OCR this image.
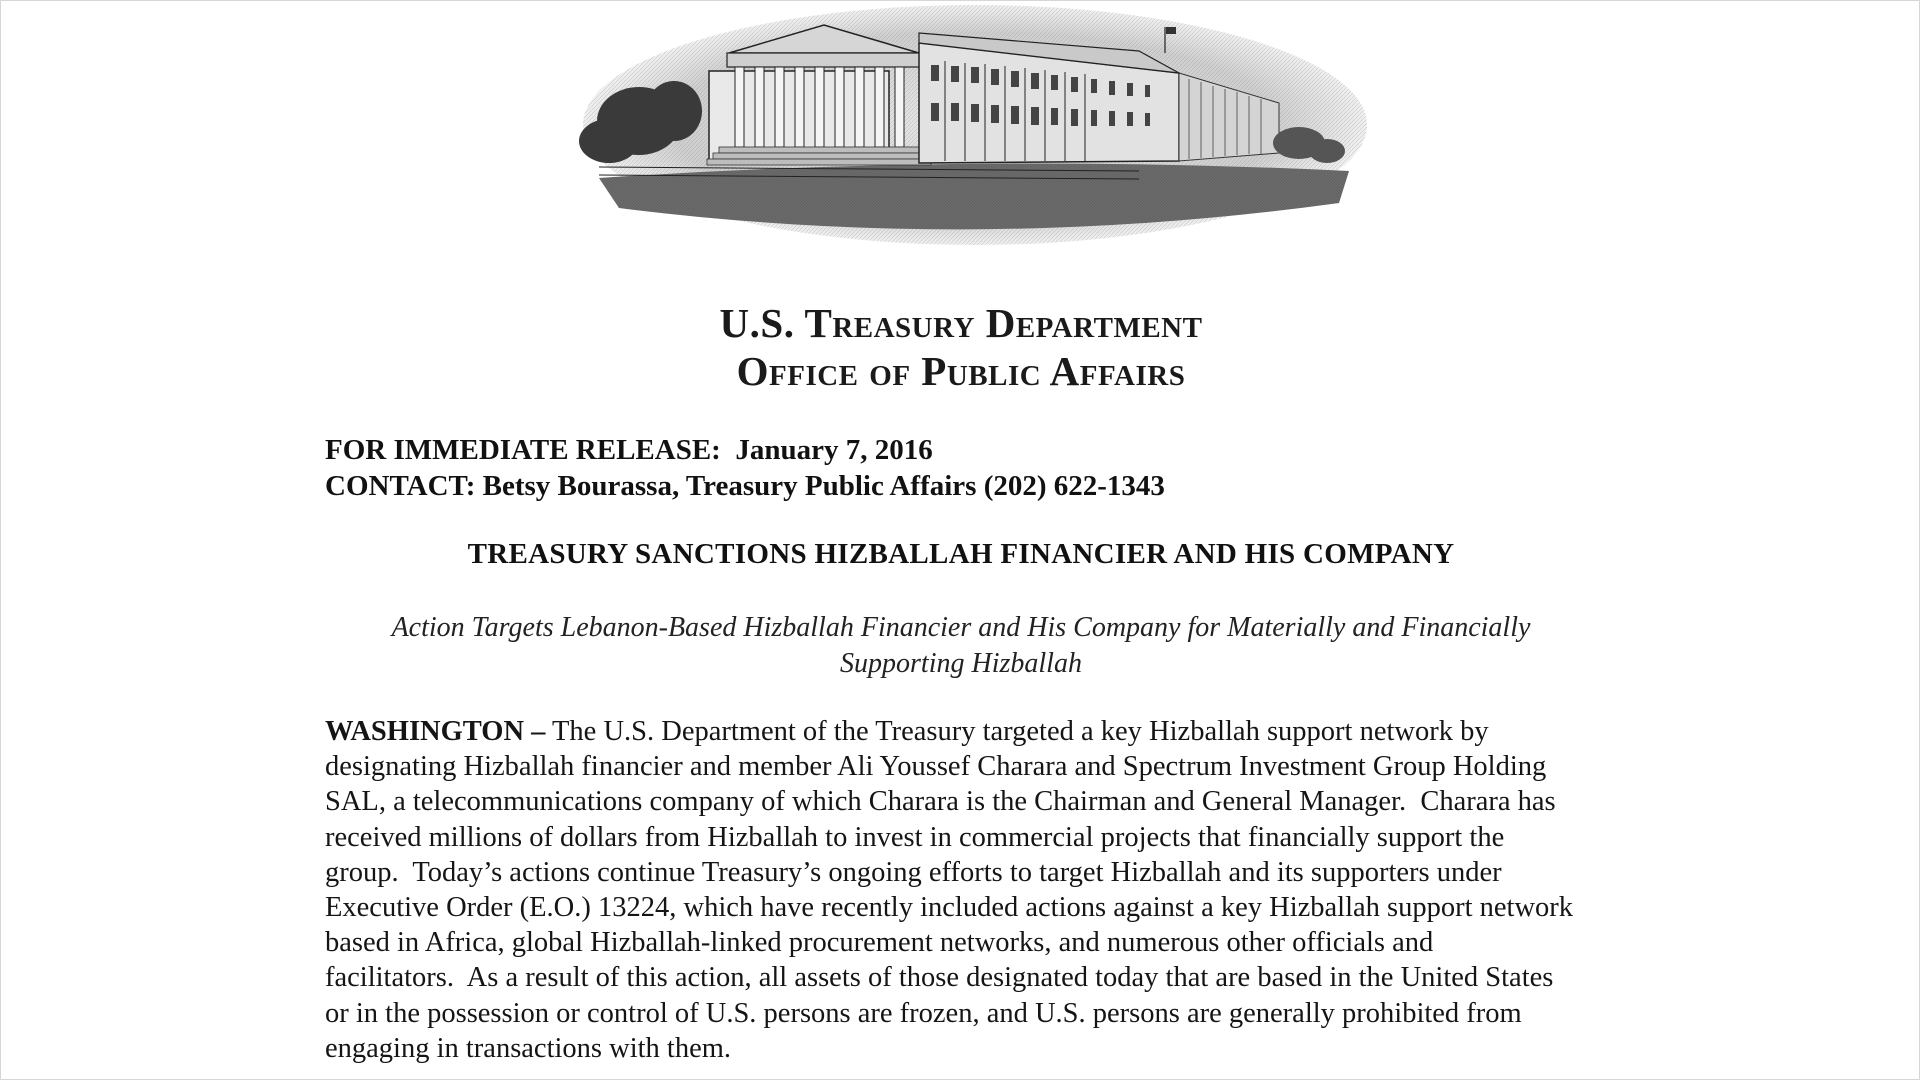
U.S. Treasury Department
Office of Public Affairs
FOR IMMEDIATE RELEASE:  January 7, 2016
CONTACT: Betsy Bourassa, Treasury Public Affairs (202) 622-1343
TREASURY SANCTIONS HIZBALLAH FINANCIER AND HIS COMPANY
Action Targets Lebanon-Based Hizballah Financier and His Company for Materially and Financially
Supporting Hizballah
WASHINGTON – The U.S. Department of the Treasury targeted a key Hizballah support network by
designating Hizballah financier and member Ali Youssef Charara and Spectrum Investment Group Holding
SAL, a telecommunications company of which Charara is the Chairman and General Manager.  Charara has
received millions of dollars from Hizballah to invest in commercial projects that financially support the
group.  Today’s actions continue Treasury’s ongoing efforts to target Hizballah and its supporters under
Executive Order (E.O.) 13224, which have recently included actions against a key Hizballah support network
based in Africa, global Hizballah-linked procurement networks, and numerous other officials and
facilitators.  As a result of this action, all assets of those designated today that are based in the United States
or in the possession or control of U.S. persons are frozen, and U.S. persons are generally prohibited from
engaging in transactions with them.
